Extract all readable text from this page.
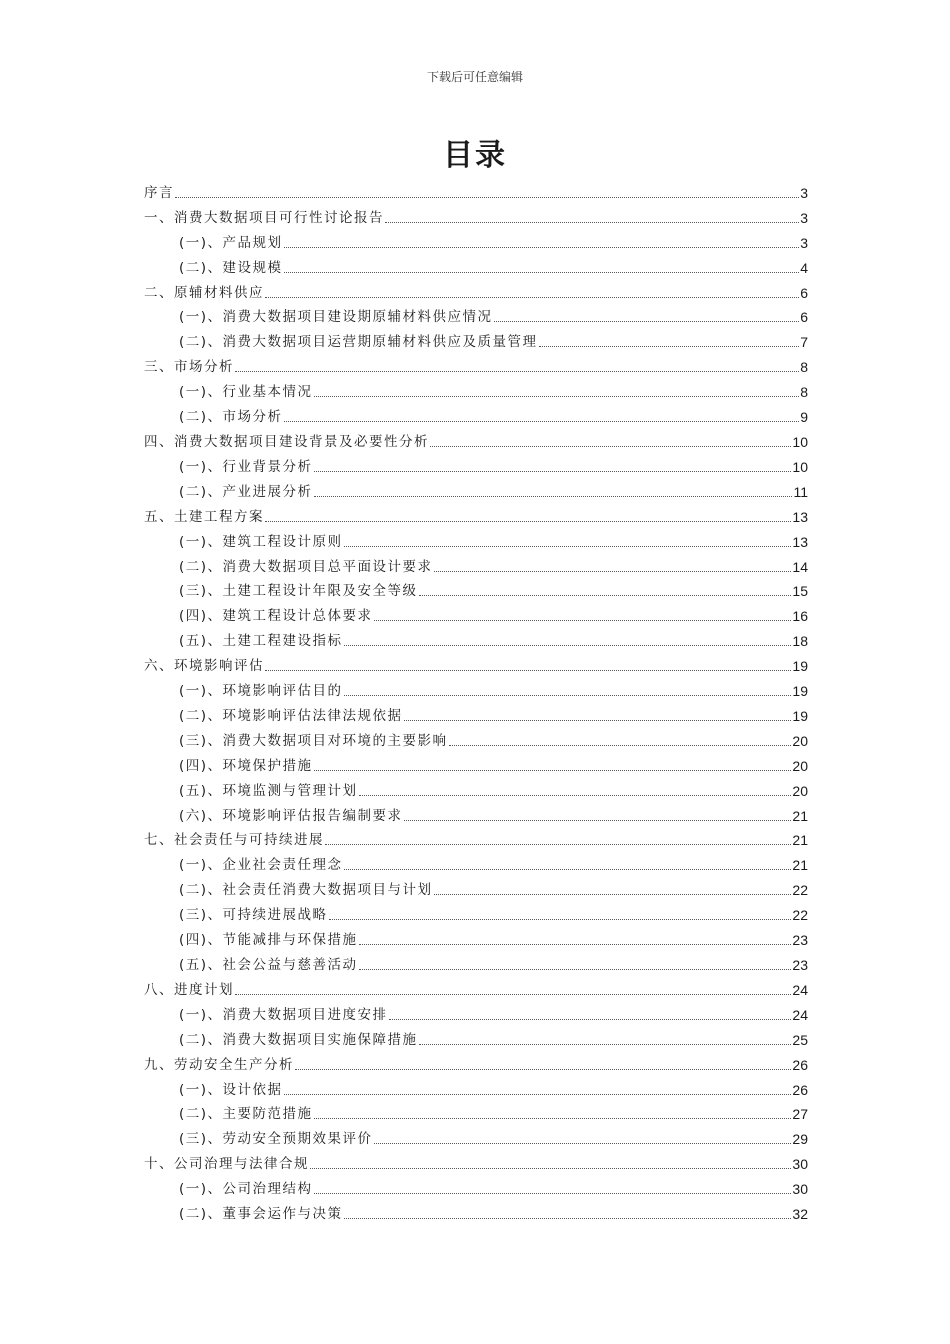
下载后可任意编辑
目录
序言	3
一、消费大数据项目可行性讨论报告	3
(一)、产品规划	3
(二)、建设规模	4
二、原辅材料供应	6
(一)、消费大数据项目建设期原辅材料供应情况	6
(二)、消费大数据项目运营期原辅材料供应及质量管理	7
三、市场分析	8
(一)、行业基本情况	8
(二)、市场分析	9
四、消费大数据项目建设背景及必要性分析	10
(一)、行业背景分析	10
(二)、产业进展分析	11
五、土建工程方案	13
(一)、建筑工程设计原则	13
(二)、消费大数据项目总平面设计要求	14
(三)、土建工程设计年限及安全等级	15
(四)、建筑工程设计总体要求	16
(五)、土建工程建设指标	18
六、环境影响评估	19
(一)、环境影响评估目的	19
(二)、环境影响评估法律法规依据	19
(三)、消费大数据项目对环境的主要影响	20
(四)、环境保护措施	20
(五)、环境监测与管理计划	20
(六)、环境影响评估报告编制要求	21
七、社会责任与可持续进展	21
(一)、企业社会责任理念	21
(二)、社会责任消费大数据项目与计划	22
(三)、可持续进展战略	22
(四)、节能减排与环保措施	23
(五)、社会公益与慈善活动	23
八、进度计划	24
(一)、消费大数据项目进度安排	24
(二)、消费大数据项目实施保障措施	25
九、劳动安全生产分析	26
(一)、设计依据	26
(二)、主要防范措施	27
(三)、劳动安全预期效果评价	29
十、公司治理与法律合规	30
(一)、公司治理结构	30
(二)、董事会运作与决策	32
